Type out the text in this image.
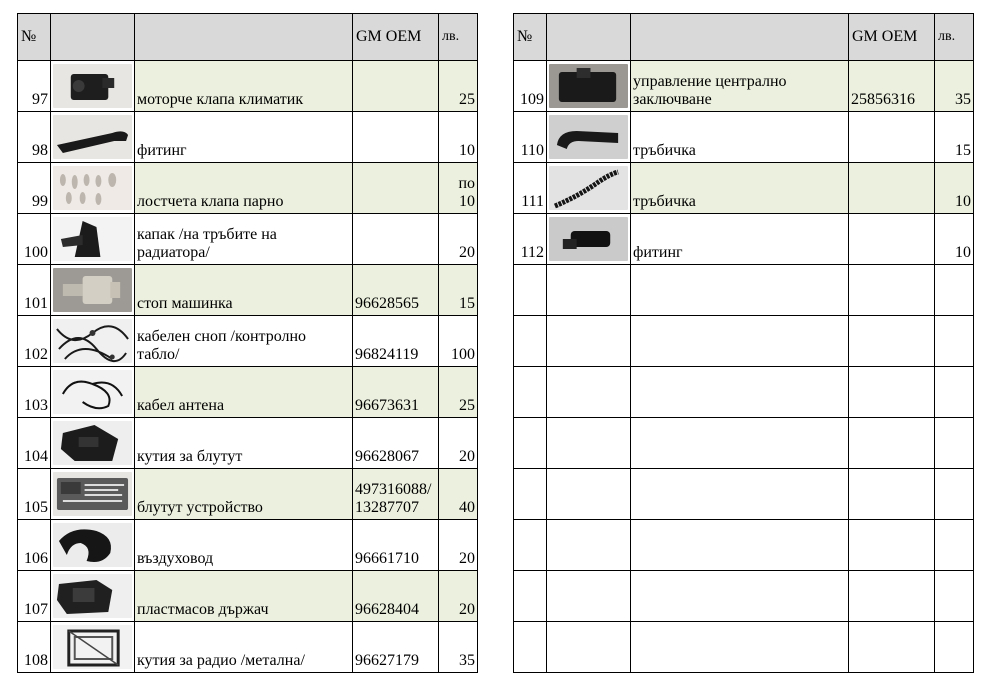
№			GM OEM	лв.
97		моторче клапа климатик		25
98		фитинг		10
99		лостчета клапа парно		по 10
100		капак /на тръбите на радиатора/		20
101		стоп машинка	96628565	15
102		кабелен сноп /контролно табло/	96824119	100
103		кабел антена	96673631	25
104		кутия за блутут	96628067	20
105		блутут устройство	497316088/ 13287707	40
106		въздуховод	96661710	20
107		пластмасов държач	96628404	20
108		кутия за радио /метална/	96627179	35
№			GM OEM	лв.
109		управление централно заключване	25856316	35
110		тръбичка		15
111		тръбичка		10
112		фитинг		10
